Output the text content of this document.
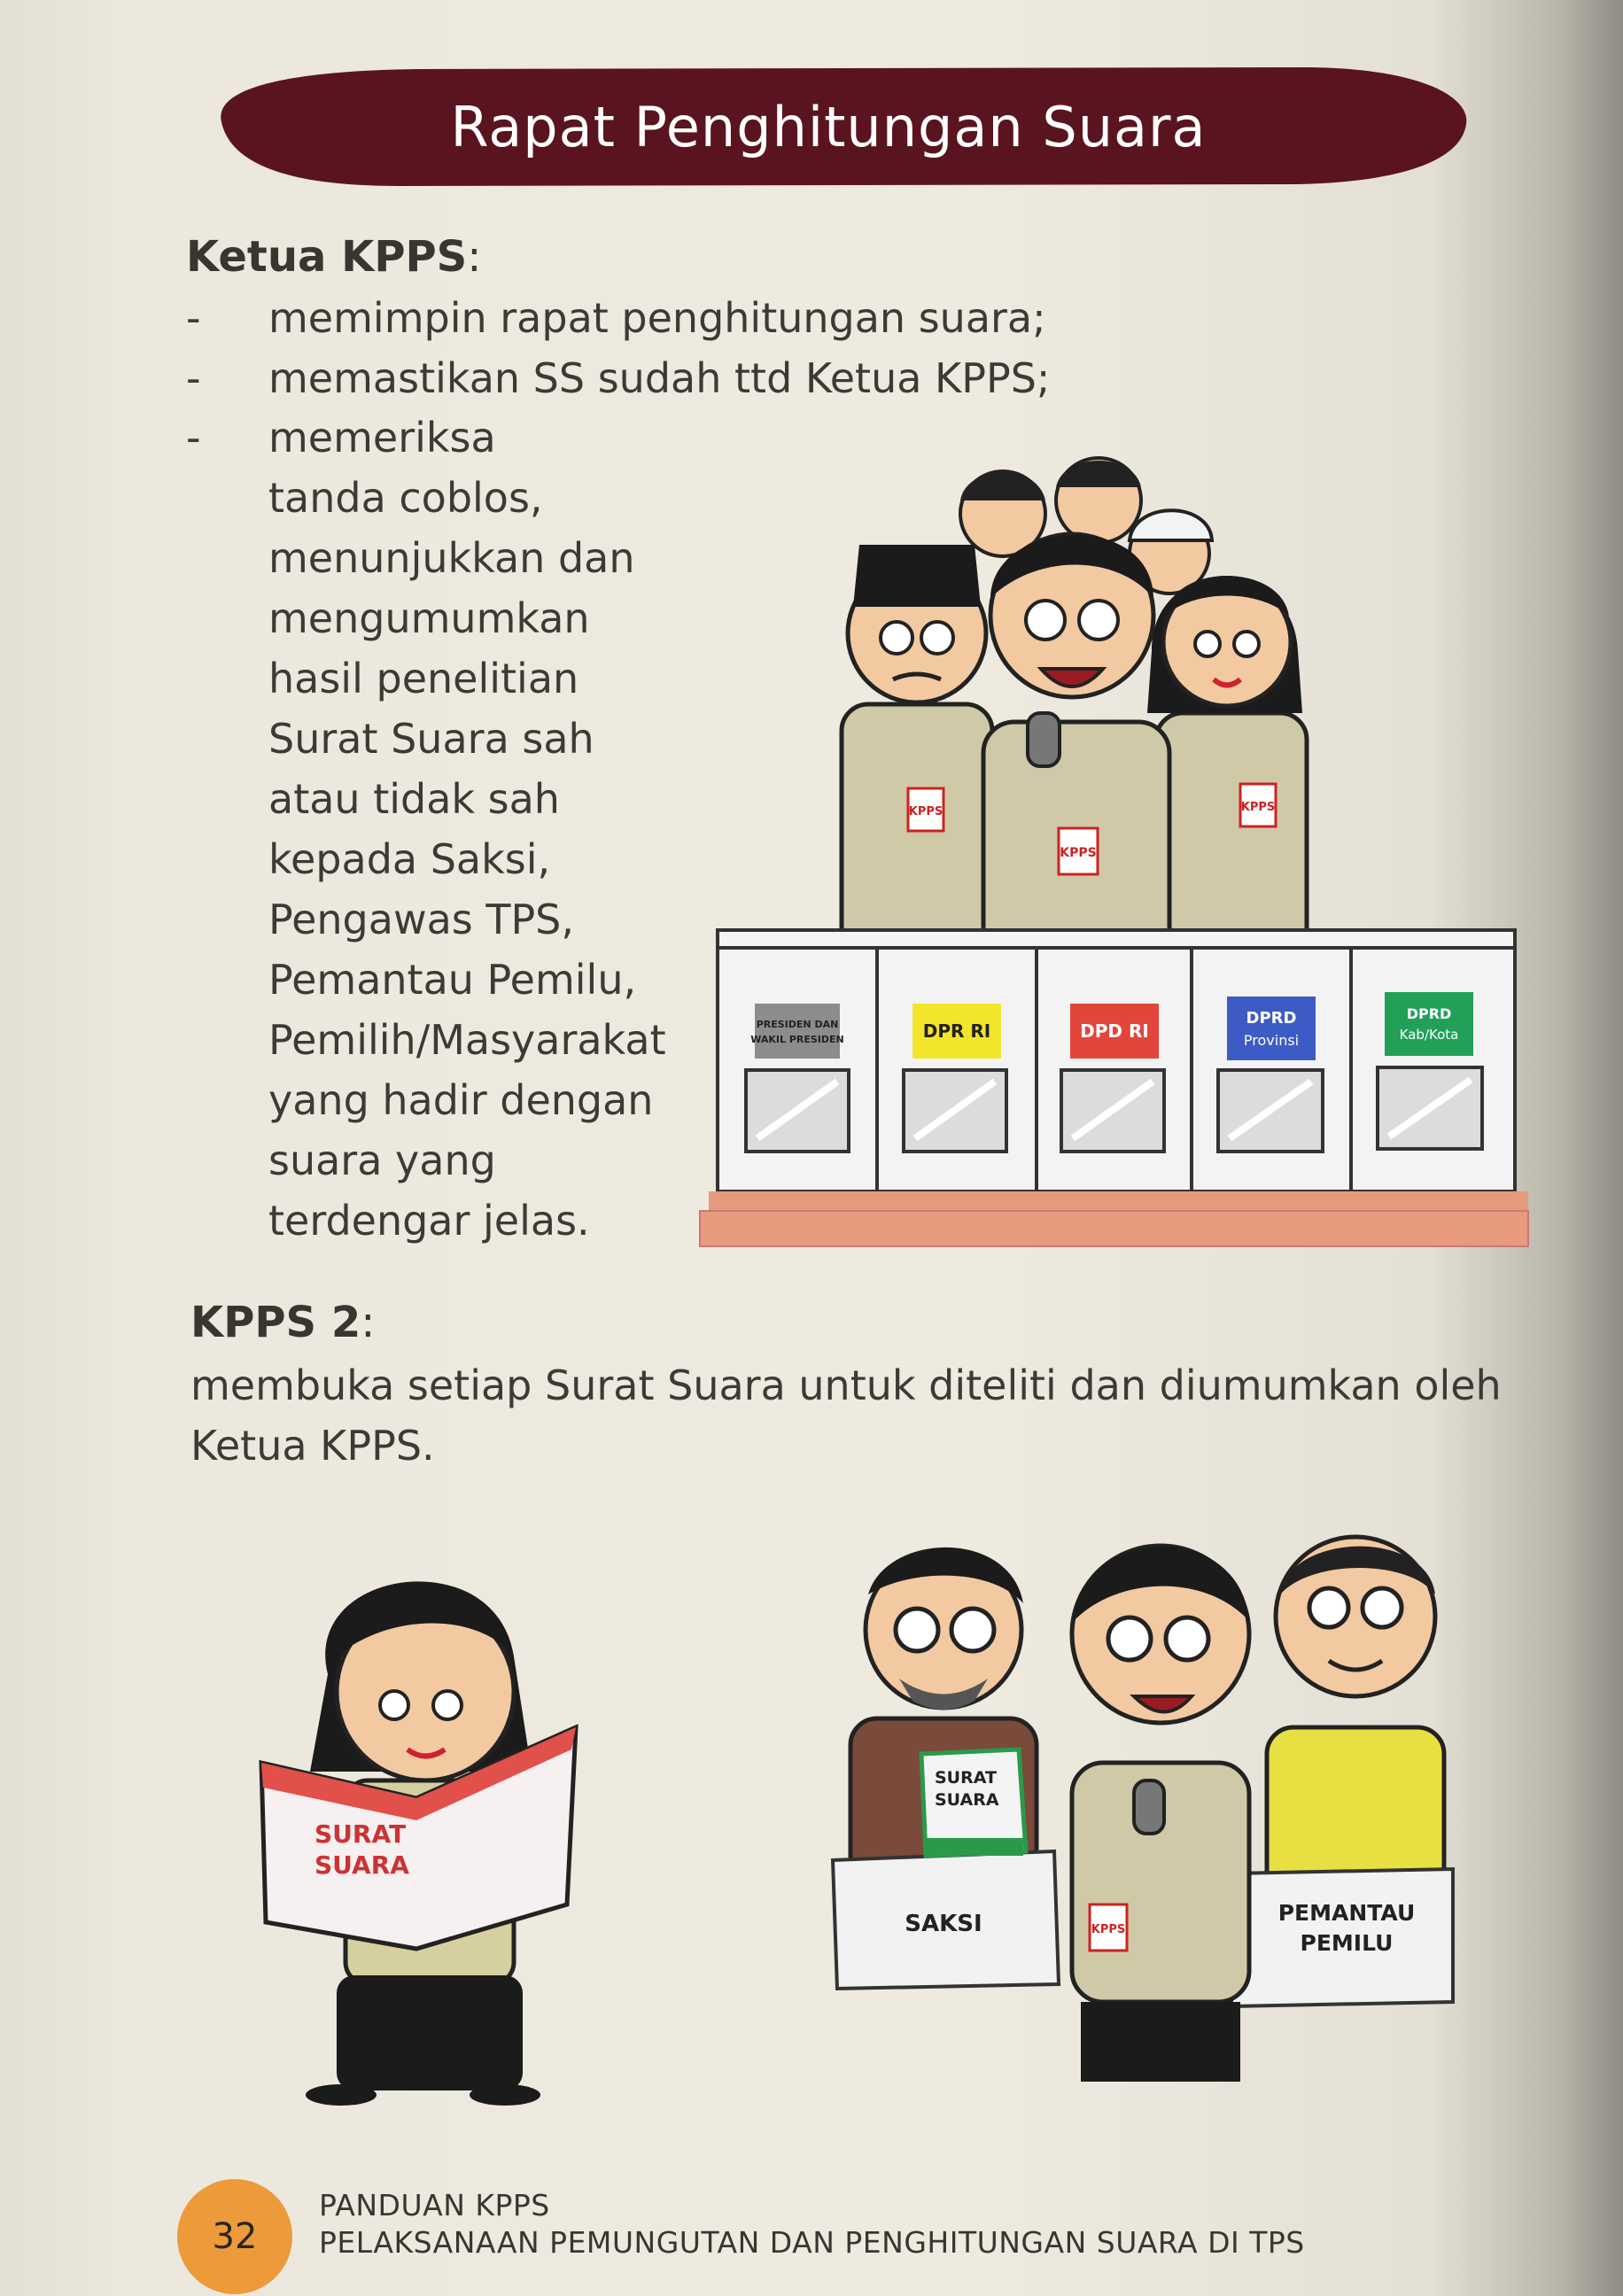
Rapat Penghitungan Suara
Ketua KPPS:
- memimpin rapat penghitungan suara;
- memastikan SS sudah ttd Ketua KPPS;
- memeriksa
tanda coblos,
menunjukkan dan
mengumumkan
hasil penelitian
Surat Suara sah
atau tidak sah
kepada Saksi,
Pengawas TPS,
Pemantau Pemilu,
Pemilih/Masyarakat
yang hadir dengan
suara yang
terdengar jelas.
KPPS	KPPS
KPPS
PRESIDEN DAN
WAKIL PRESIDEN	DPR RI	DPD RI
DPRD
Provinsi
DPRD
Kab/Kota
KPPS 2:
membuka setiap Surat Suara untuk diteliti dan diumumkan oleh
Ketua KPPS.
SURAT
SUARA
SAKSI	PEMANTAU
PEMILU
KPPS
SURAT
SUARA
32
PANDUAN KPPS
PELAKSANAAN PEMUNGUTAN DAN PENGHITUNGAN SUARA DI TPS
